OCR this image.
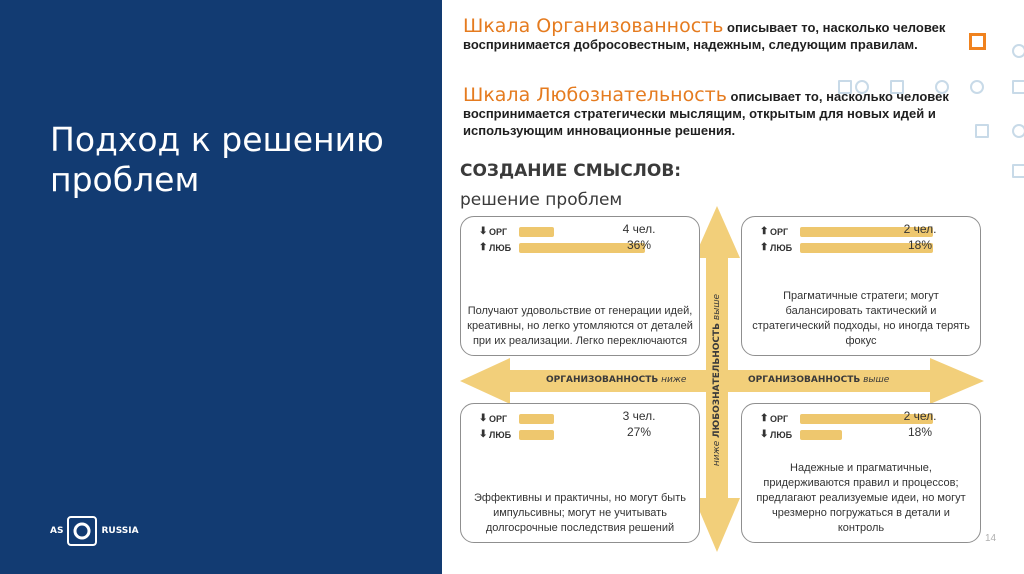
Подход к решению проблем
AS	RUSSIA
Шкала Организованность описывает то, насколько человек воспринимается добросовестным, надежным, следующим правилам.
Шкала Любознательность описывает то, насколько человек воспринимается стратегически мыслящим, открытым для новых идей и использующим инновационные решения.
СОЗДАНИЕ СМЫСЛОВ:
решение проблем
ОРГАНИЗОВАННОСТЬ ниже	ОРГАНИЗОВАННОСТЬ выше
ниже ЛЮБОЗНАТЕЛЬНОСТЬ выше
⬇ ОРГ
⬆ ЛЮБ
4 чел.
36%
Получают удовольствие от генерации идей, креативны, но легко утомляются от деталей при их реализации. Легко переключаются
⬆ ОРГ
⬆ ЛЮБ
2 чел.
18%
Прагматичные стратеги; могут балансировать тактический и стратегический подходы, но иногда терять фокус
⬇ ОРГ
⬇ ЛЮБ
3 чел.
27%
Эффективны и практичны, но могут быть импульсивны; могут не учитывать долгосрочные последствия решений
⬆ ОРГ
⬇ ЛЮБ
2 чел.
18%
Надежные и прагматичные, придерживаются правил и процессов; предлагают реализуемые идеи, но могут чрезмерно погружаться в детали и контроль
14
